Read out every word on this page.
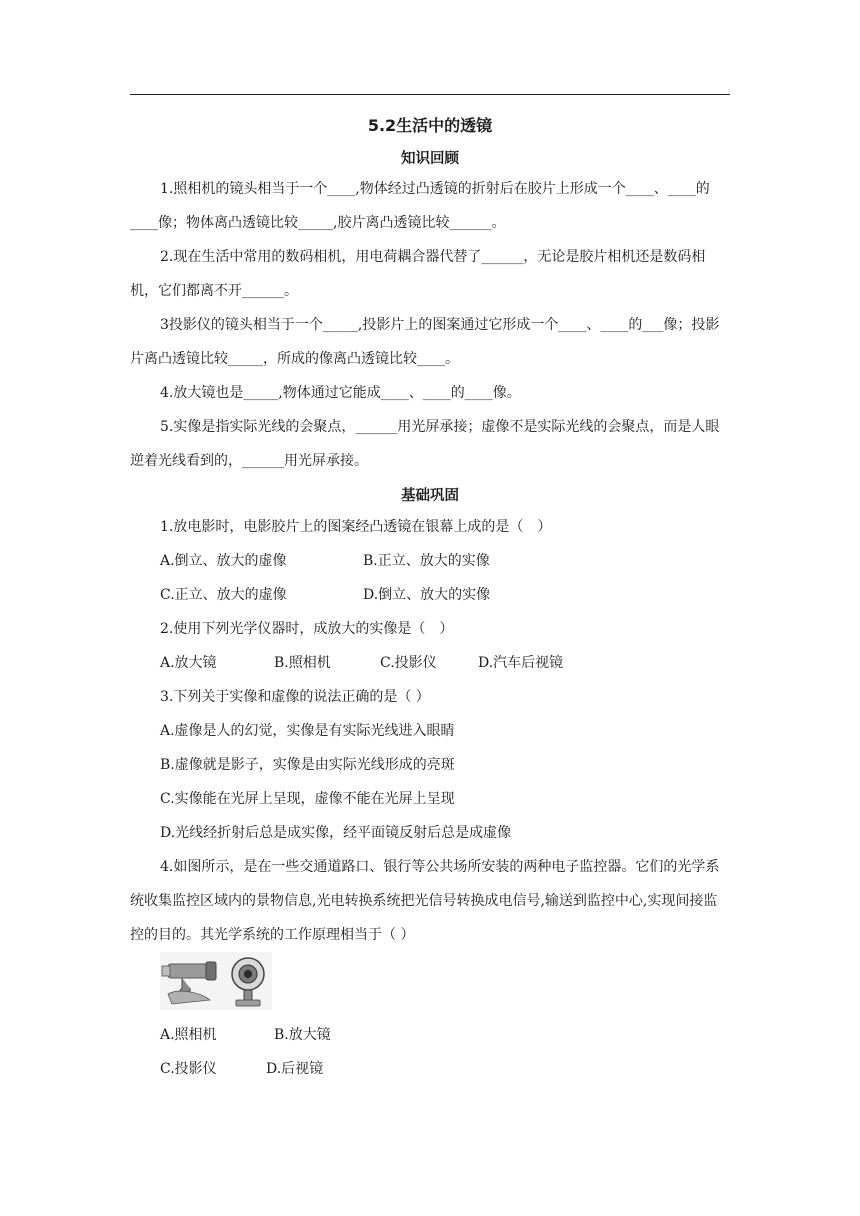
5.2生活中的透镜
知识回顾

1.照相机的镜头相当于一个____,物体经过凸透镜的折射后在胶片上形成一个____、____的____像；物体离凸透镜比较_____,胶片离凸透镜比较______。

2.现在生活中常用的数码相机，用电荷耦合器代替了______，无论是胶片相机还是数码相机，它们都离不开______。

3投影仪的镜头相当于一个_____,投影片上的图案通过它形成一个____、____的___像；投影片离凸透镜比较_____，所成的像离凸透镜比较____。

4.放大镜也是_____,物体通过它能成____、____的____像。

5.实像是指实际光线的会聚点，______用光屏承接；虚像不是实际光线的会聚点，而是人眼逆着光线看到的，______用光屏承接。

基础巩固

1.放电影时，电影胶片上的图案经凸透镜在银幕上成的是（　）

A.倒立、放大的虚像	B.正立、放大的实像
C.正立、放大的虚像	D.倒立、放大的实像

2.使用下列光学仪器时，成放大的实像是（　）

A.放大镜	B.照相机	C.投影仪	D.汽车后视镜

3.下列关于实像和虚像的说法正确的是（ ）

A.虚像是人的幻觉，实像是有实际光线进入眼睛
B.虚像就是影子，实像是由实际光线形成的亮斑
C.实像能在光屏上呈现，虚像不能在光屏上呈现
D.光线经折射后总是成实像，经平面镜反射后总是成虚像

4.如图所示，是在一些交通道路口、银行等公共场所安装的两种电子监控器。它们的光学系统收集监控区域内的景物信息,光电转换系统把光信号转换成电信号,输送到监控中心,实现间接监控的目的。其光学系统的工作原理相当于（ ）

A.照相机	B.放大镜
C.投影仪	D.后视镜
